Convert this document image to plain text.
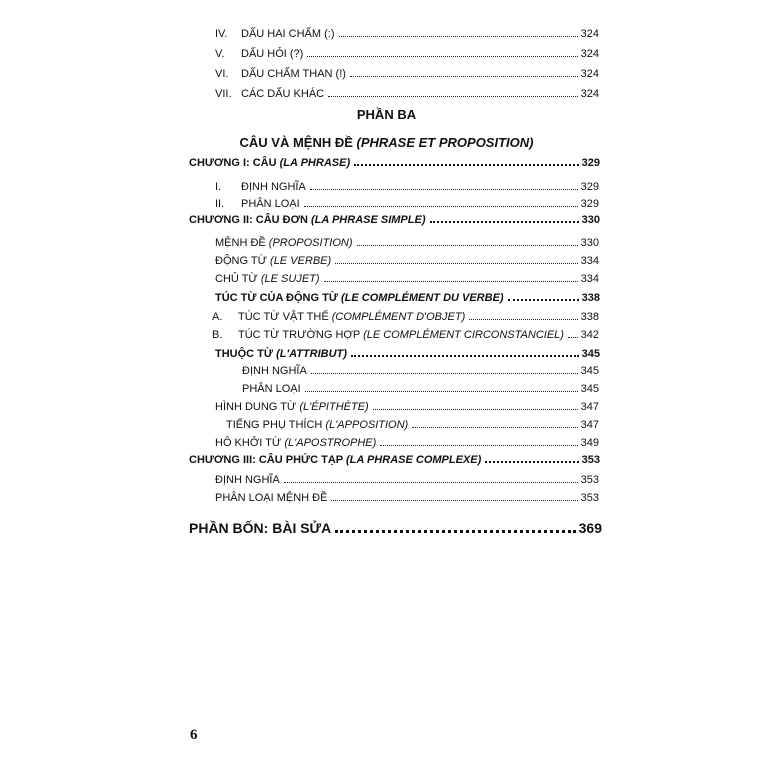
IV.	DẤU HAI CHẤM (:)	324
V.	DẤU HỎI (?)	324
VI.	DẤU CHẤM THAN (!)	324
VII. CÁC DẤU KHÁC	324
PHẦN BA
CÂU VÀ MỆNH ĐỀ (PHRASE ET PROPOSITION)
CHƯƠNG I: CÂU (LA PHRASE)	329
I.	ĐỊNH NGHĨA	329
II.	PHÂN LOẠI	329
CHƯƠNG II: CÂU ĐƠN (LA PHRASE SIMPLE)	330
MỆNH ĐỀ (PROPOSITION)	330
ĐỘNG TỪ (LE VERBE)	334
CHỦ TỪ (LE SUJET)	334
TÚC TỪ CỦA ĐỘNG TỪ (LE COMPLÉMENT DU VERBE)	338
A.	TÚC TỪ VẬT THỂ (COMPLÉMENT D'OBJET)	338
B.	TÚC TỪ TRƯỜNG HỢP (LE COMPLÉMENT CIRCONSTANCIEL) 342
THUỘC TỪ (L'ATTRIBUT)	345
ĐỊNH NGHĨA	345
PHÂN LOẠI	345
HÌNH DUNG TỪ (L'ÉPITHÈTE)	347
TIẾNG PHỤ THÍCH (L'APPOSITION)	347
HÔ KHỞI TỪ (L'APOSTROPHE)	349
CHƯƠNG III: CÂU PHỨC TẠP (LA PHRASE COMPLEXE)	353
ĐỊNH NGHĨA	353
PHÂN LOẠI MỆNH ĐỀ	353
PHẦN BỐN: BÀI SỬA	369
6
